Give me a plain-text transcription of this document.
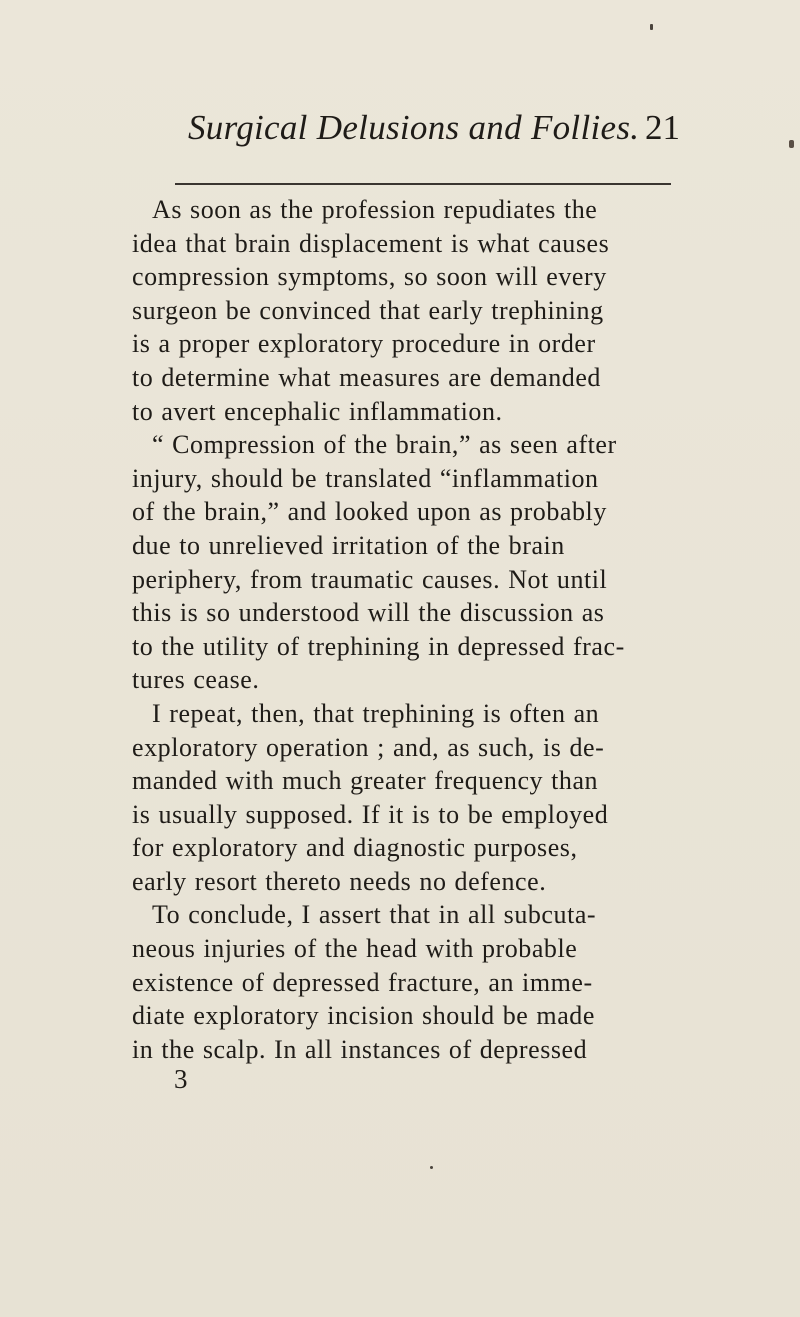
Surgical Delusions and Follies. 21
As soon as the profession repudiates the
idea that brain displacement is what causes
compression symptoms, so soon will every
surgeon be convinced that early trephining
is a proper exploratory procedure in order
to determine what measures are demanded
to avert encephalic inflammation.
“ Compression of the brain,” as seen after
injury, should be translated “inflammation
of the brain,” and looked upon as probably
due to unrelieved irritation of the brain
periphery, from traumatic causes. Not until
this is so understood will the discussion as
to the utility of trephining in depressed frac-
tures cease.
I repeat, then, that trephining is often an
exploratory operation ; and, as such, is de-
manded with much greater frequency than
is usually supposed. If it is to be employed
for exploratory and diagnostic purposes,
early resort thereto needs no defence.
To conclude, I assert that in all subcuta-
neous injuries of the head with probable
existence of depressed fracture, an imme-
diate exploratory incision should be made
in the scalp. In all instances of depressed
3
